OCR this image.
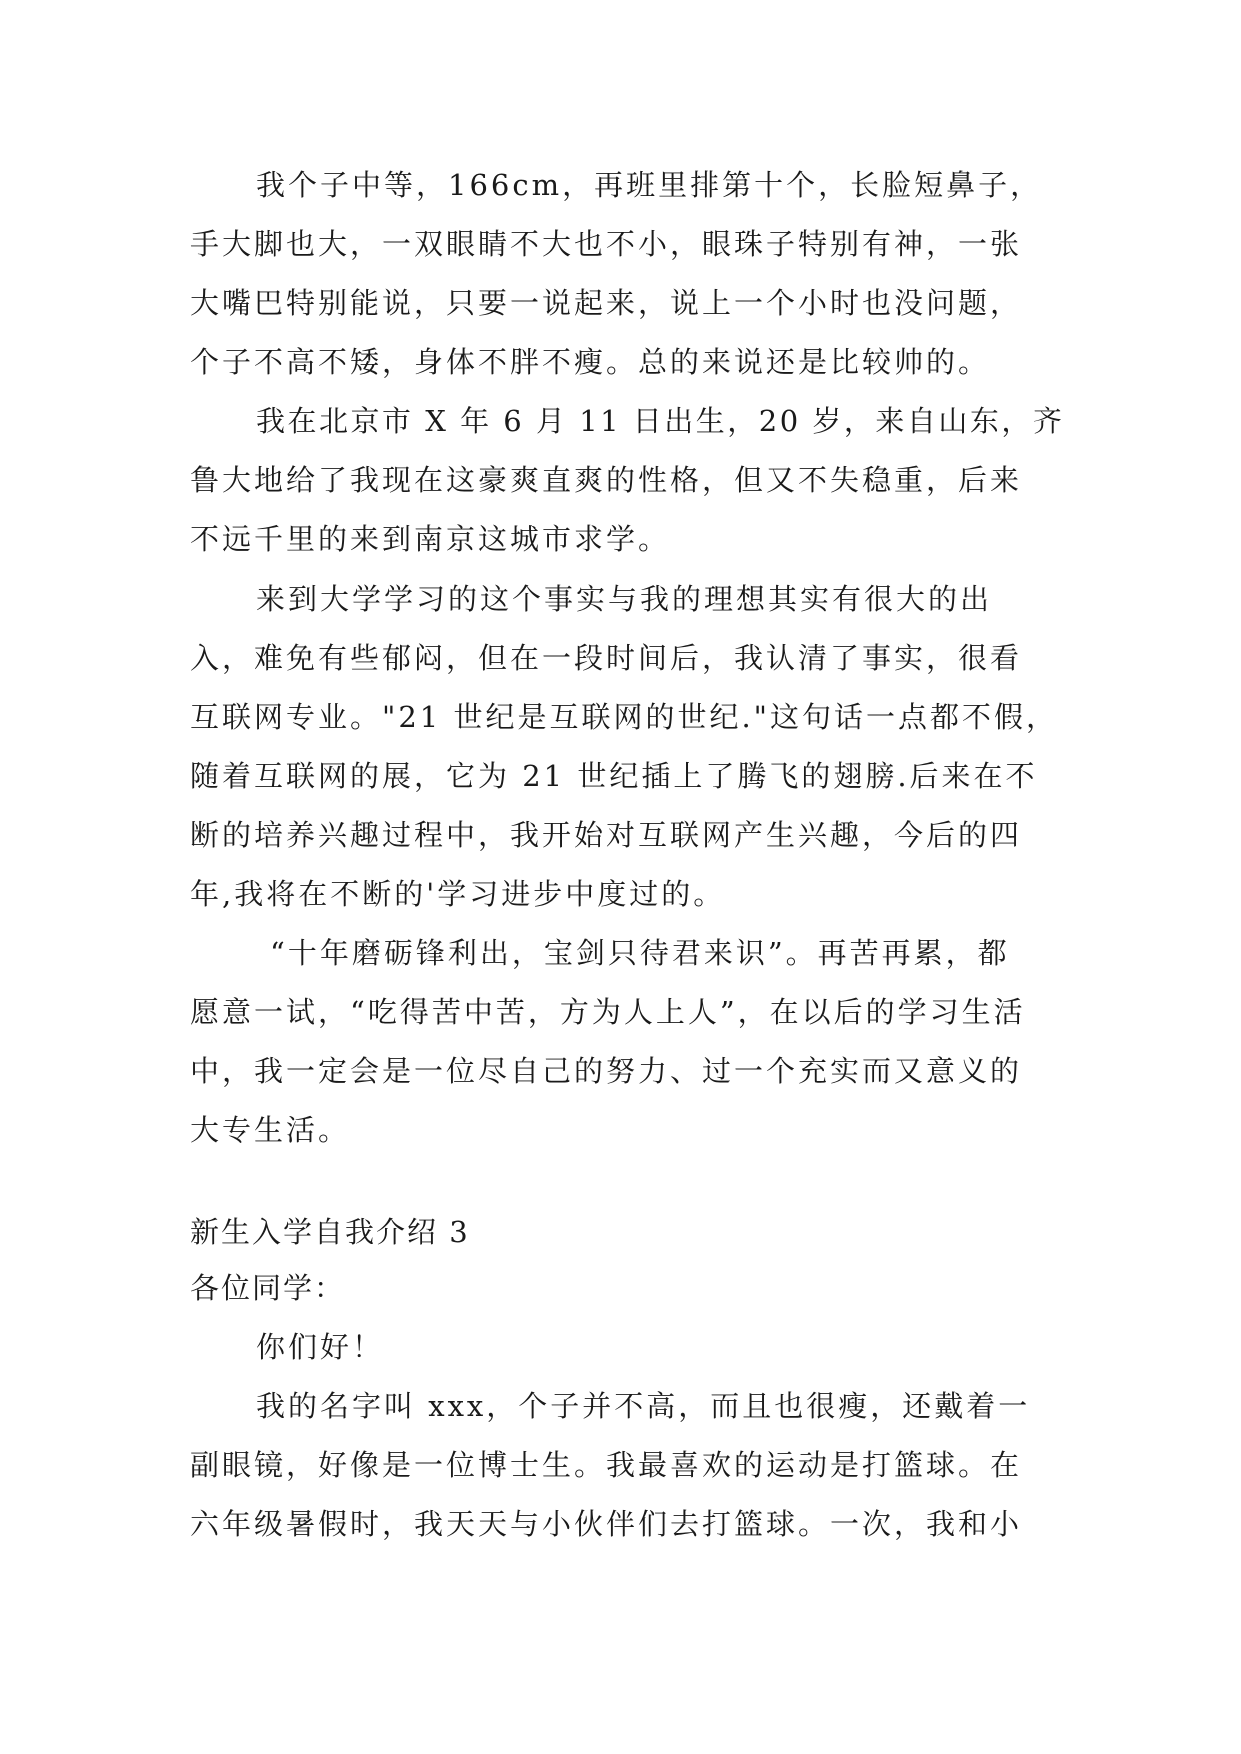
我个子中等，166cm，再班里排第十个，长脸短鼻子，
手大脚也大，一双眼睛不大也不小，眼珠子特别有神，一张
大嘴巴特别能说，只要一说起来，说上一个小时也没问题，
个子不高不矮，身体不胖不瘦。总的来说还是比较帅的。
我在北京市 X 年 6 月 11 日出生，20 岁，来自山东，齐
鲁大地给了我现在这豪爽直爽的性格，但又不失稳重，后来
不远千里的来到南京这城市求学。
来到大学学习的这个事实与我的理想其实有很大的出
入，难免有些郁闷，但在一段时间后，我认清了事实，很看
互联网专业。"21 世纪是互联网的世纪."这句话一点都不假，
随着互联网的展，它为 21 世纪插上了腾飞的翅膀.后来在不
断的培养兴趣过程中，我开始对互联网产生兴趣，今后的四
年,我将在不断的'学习进步中度过的。
“十年磨砺锋利出，宝剑只待君来识”。再苦再累，都
愿意一试，“吃得苦中苦，方为人上人”，在以后的学习生活
中，我一定会是一位尽自己的努力、过一个充实而又意义的
大专生活。
新生入学自我介绍 3
各位同学：
你们好！
我的名字叫 xxx，个子并不高，而且也很瘦，还戴着一
副眼镜，好像是一位博士生。我最喜欢的运动是打篮球。在
六年级暑假时，我天天与小伙伴们去打篮球。一次，我和小
